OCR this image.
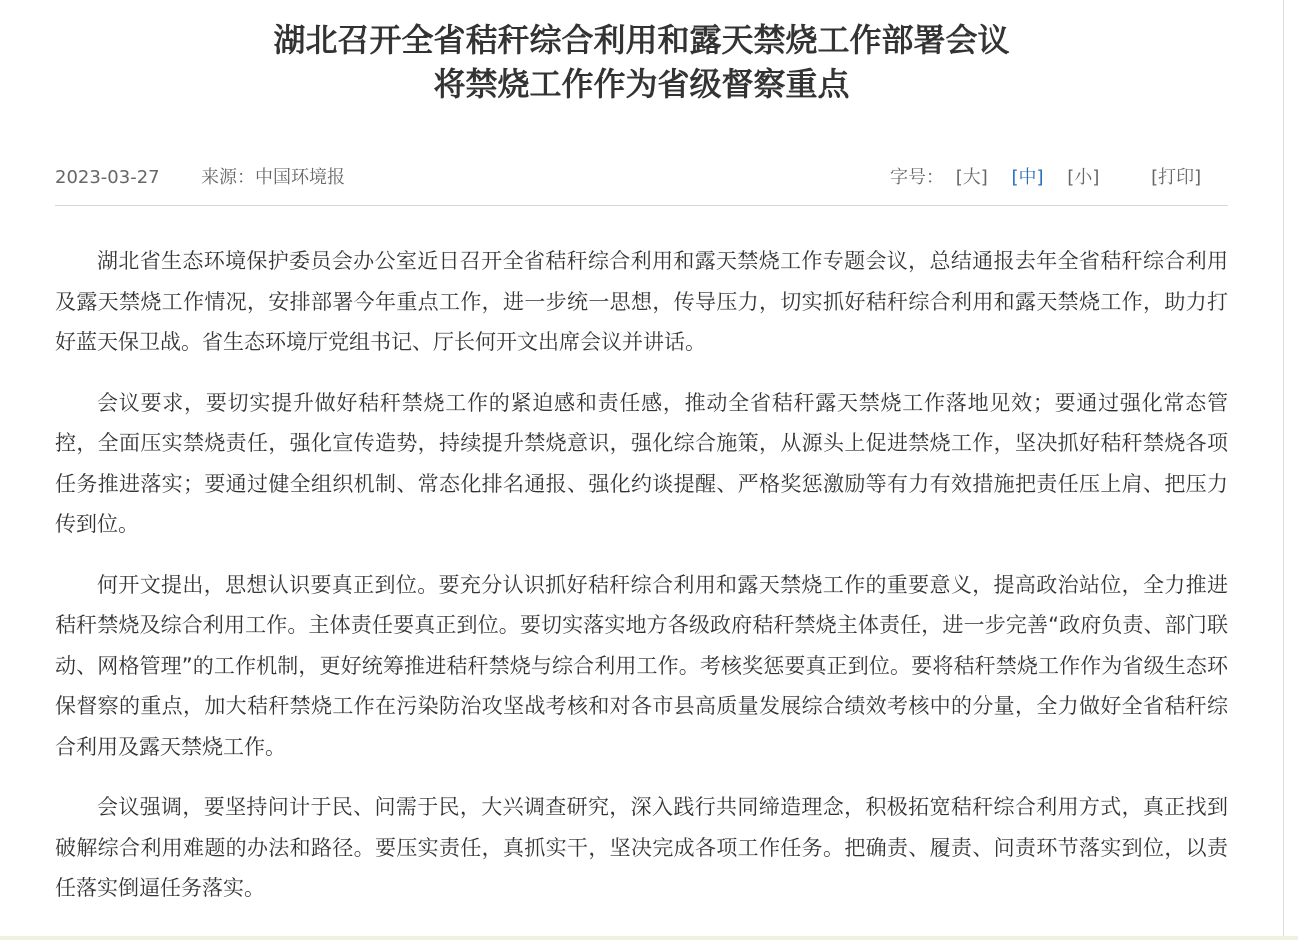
湖北召开全省秸秆综合利用和露天禁烧工作部署会议
将禁烧工作作为省级督察重点
2023-03-27 来源：中国环境报	字号： [大] [中] [小]	[打印]

湖北省生态环境保护委员会办公室近日召开全省秸秆综合利用和露天禁烧工作专题会议，总结通报去年全省秸秆综合利用及露天禁烧工作情况，安排部署今年重点工作，进一步统一思想，传导压力，切实抓好秸秆综合利用和露天禁烧工作，助力打好蓝天保卫战。省生态环境厅党组书记、厅长何开文出席会议并讲话。

会议要求，要切实提升做好秸秆禁烧工作的紧迫感和责任感，推动全省秸秆露天禁烧工作落地见效；要通过强化常态管控，全面压实禁烧责任，强化宣传造势，持续提升禁烧意识，强化综合施策，从源头上促进禁烧工作，坚决抓好秸秆禁烧各项任务推进落实；要通过健全组织机制、常态化排名通报、强化约谈提醒、严格奖惩激励等有力有效措施把责任压上肩、把压力传到位。

何开文提出，思想认识要真正到位。要充分认识抓好秸秆综合利用和露天禁烧工作的重要意义，提高政治站位，全力推进秸秆禁烧及综合利用工作。主体责任要真正到位。要切实落实地方各级政府秸秆禁烧主体责任，进一步完善“政府负责、部门联动、网格管理”的工作机制，更好统筹推进秸秆禁烧与综合利用工作。考核奖惩要真正到位。要将秸秆禁烧工作作为省级生态环保督察的重点，加大秸秆禁烧工作在污染防治攻坚战考核和对各市县高质量发展综合绩效考核中的分量，全力做好全省秸秆综合利用及露天禁烧工作。

会议强调，要坚持问计于民、问需于民，大兴调查研究，深入践行共同缔造理念，积极拓宽秸秆综合利用方式，真正找到破解综合利用难题的办法和路径。要压实责任，真抓实干，坚决完成各项工作任务。把确责、履责、问责环节落实到位，以责任落实倒逼任务落实。
